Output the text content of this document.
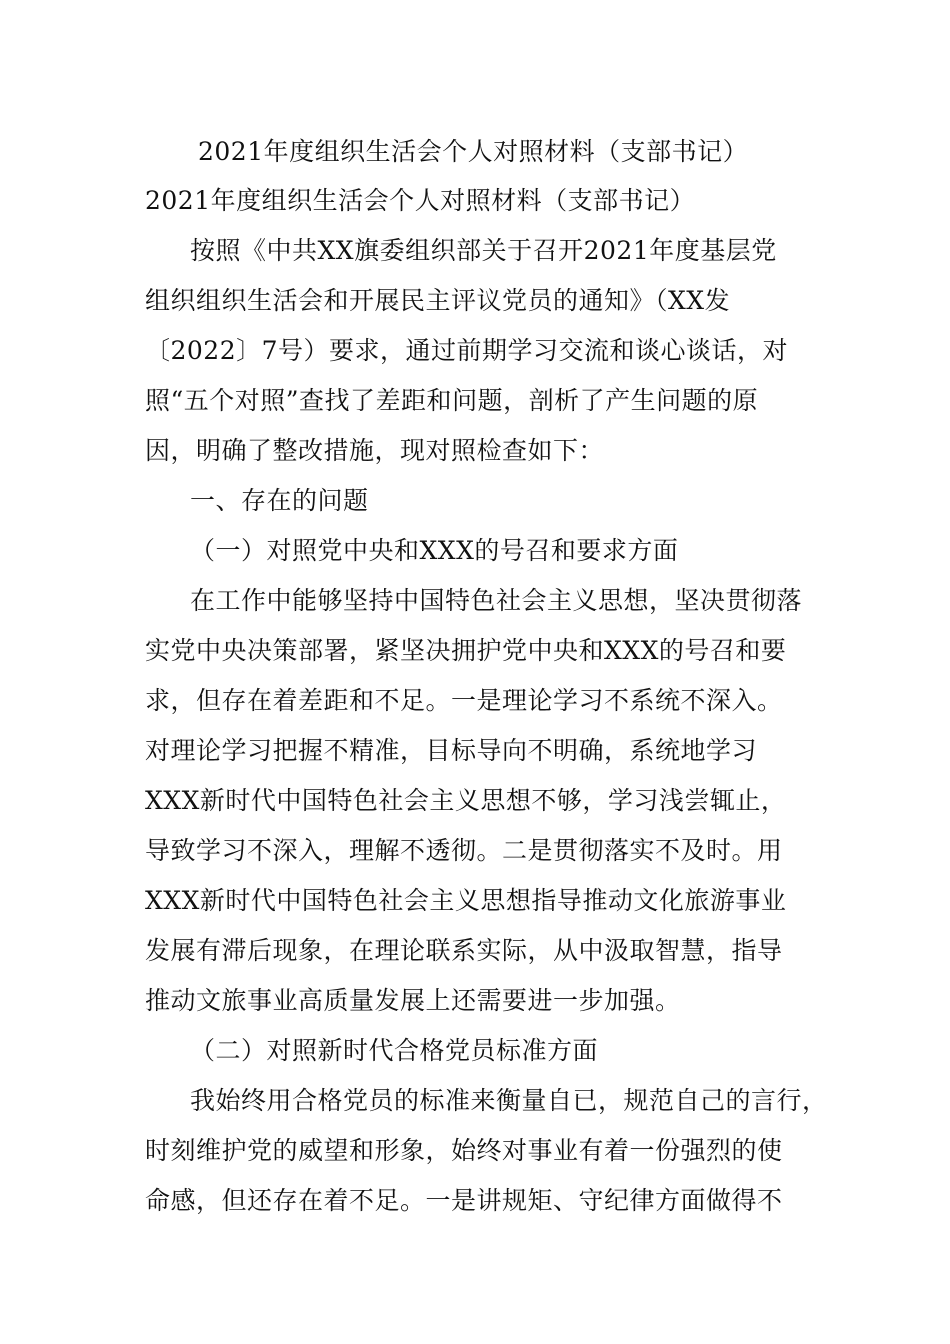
2021年度组织生活会个人对照材料（支部书记）
2021年度组织生活会个人对照材料（支部书记）
按照《中共XX旗委组织部关于召开2021年度基层党
组织组织生活会和开展民主评议党员的通知》（XX发
〔2022〕7号）要求，通过前期学习交流和谈心谈话，对
照“五个对照”查找了差距和问题，剖析了产生问题的原
因，明确了整改措施，现对照检查如下：
一、存在的问题
（一）对照党中央和XXX的号召和要求方面
在工作中能够坚持中国特色社会主义思想，坚决贯彻落
实党中央决策部署，紧坚决拥护党中央和XXX的号召和要
求，但存在着差距和不足。一是理论学习不系统不深入。
对理论学习把握不精准，目标导向不明确，系统地学习
XXX新时代中国特色社会主义思想不够，学习浅尝辄止，
导致学习不深入，理解不透彻。二是贯彻落实不及时。用
XXX新时代中国特色社会主义思想指导推动文化旅游事业
发展有滞后现象，在理论联系实际，从中汲取智慧，指导
推动文旅事业高质量发展上还需要进一步加强。
（二）对照新时代合格党员标准方面
我始终用合格党员的标准来衡量自已，规范自己的言行，
时刻维护党的威望和形象，始终对事业有着一份强烈的使
命感，但还存在着不足。一是讲规矩、守纪律方面做得不
